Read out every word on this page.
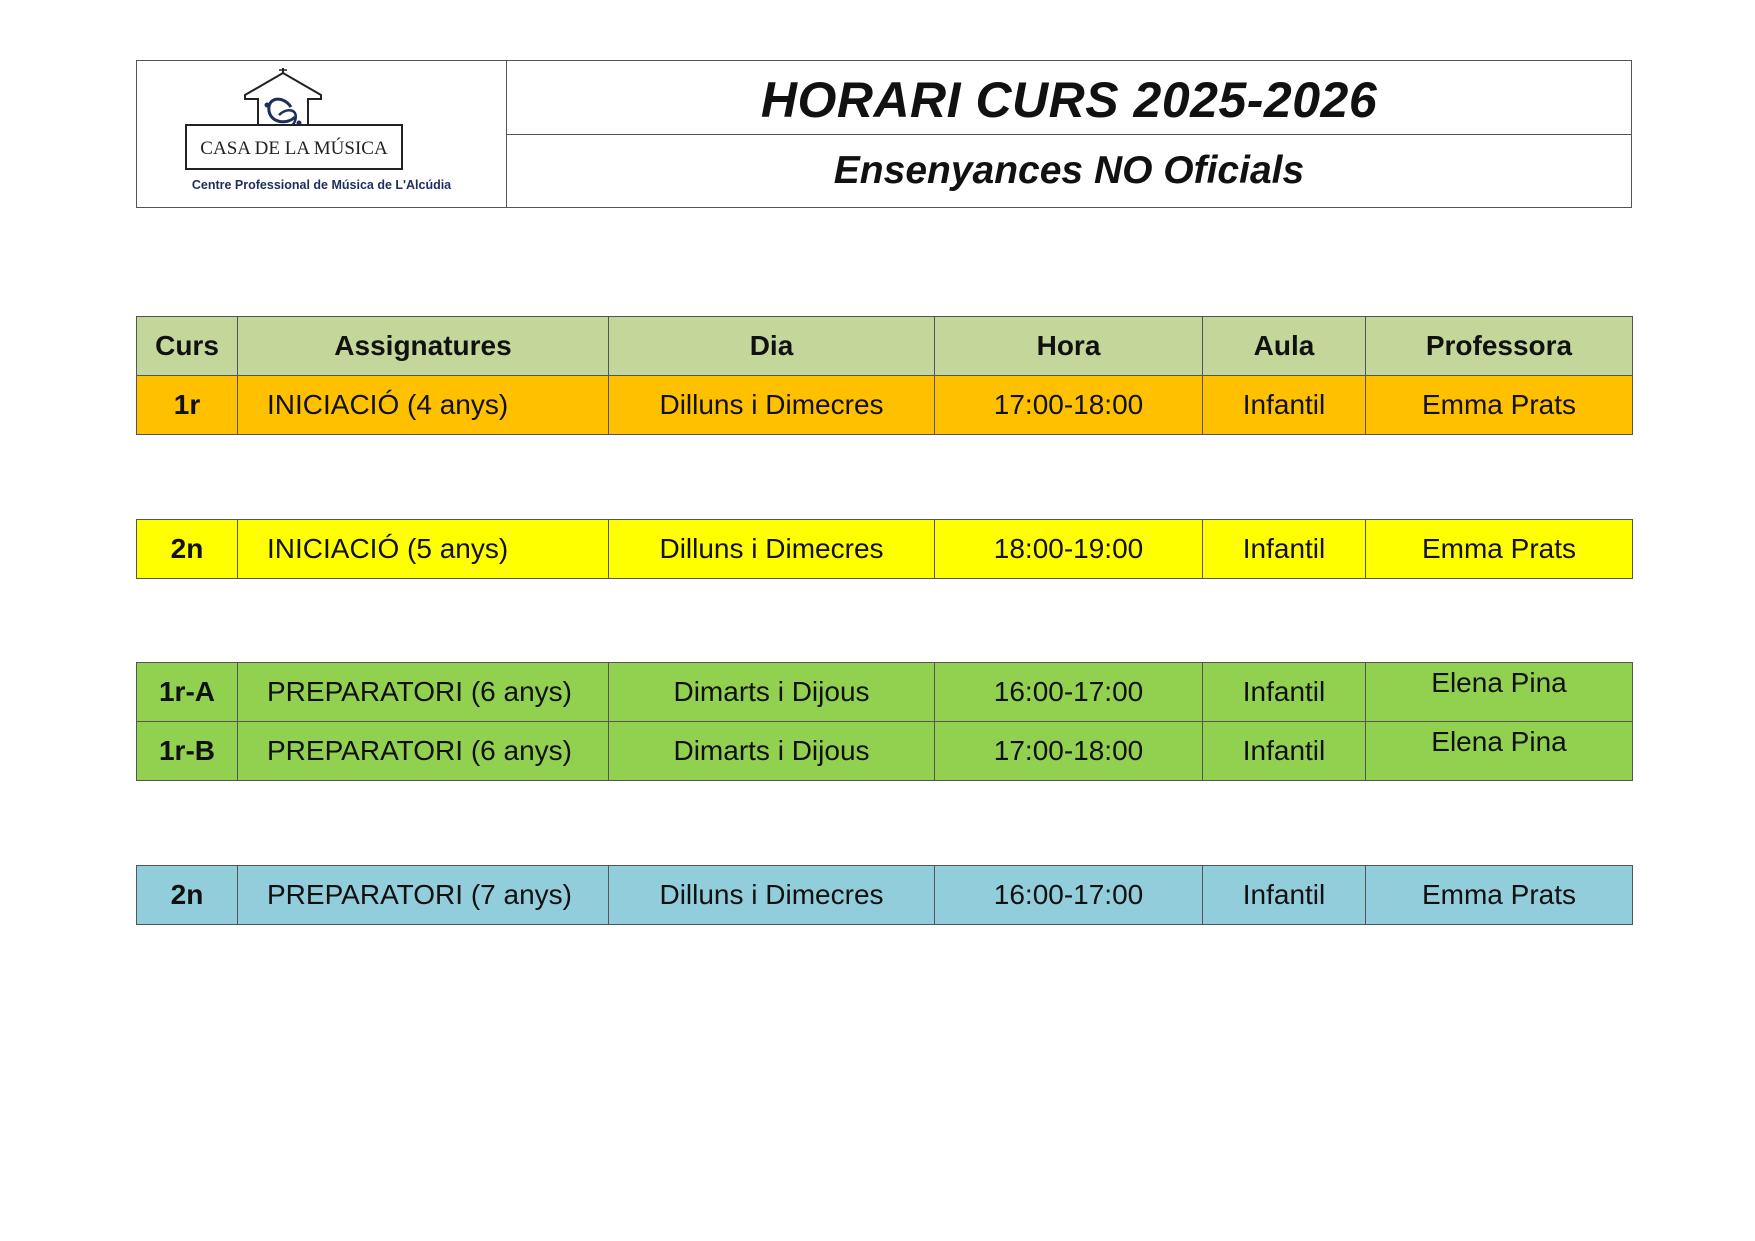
CASA DE LA MÚSICA
Centre Professional de Música de L'Alcúdia
HORARI CURS 2025-2026
Ensenyances NO Oficials
Curs	Assignatures	Dia	Hora	Aula	Professora
1r	INICIACIÓ (4 anys)	Dilluns i Dimecres	17:00-18:00	Infantil	Emma Prats
2n	INICIACIÓ (5 anys)	Dilluns i Dimecres	18:00-19:00	Infantil	Emma Prats
1r-A	PREPARATORI (6 anys)	Dimarts i Dijous	16:00-17:00	Infantil	Elena Pina
1r-B	PREPARATORI (6 anys)	Dimarts i Dijous	17:00-18:00	Infantil	Elena Pina
2n	PREPARATORI (7 anys)	Dilluns i Dimecres	16:00-17:00	Infantil	Emma Prats
